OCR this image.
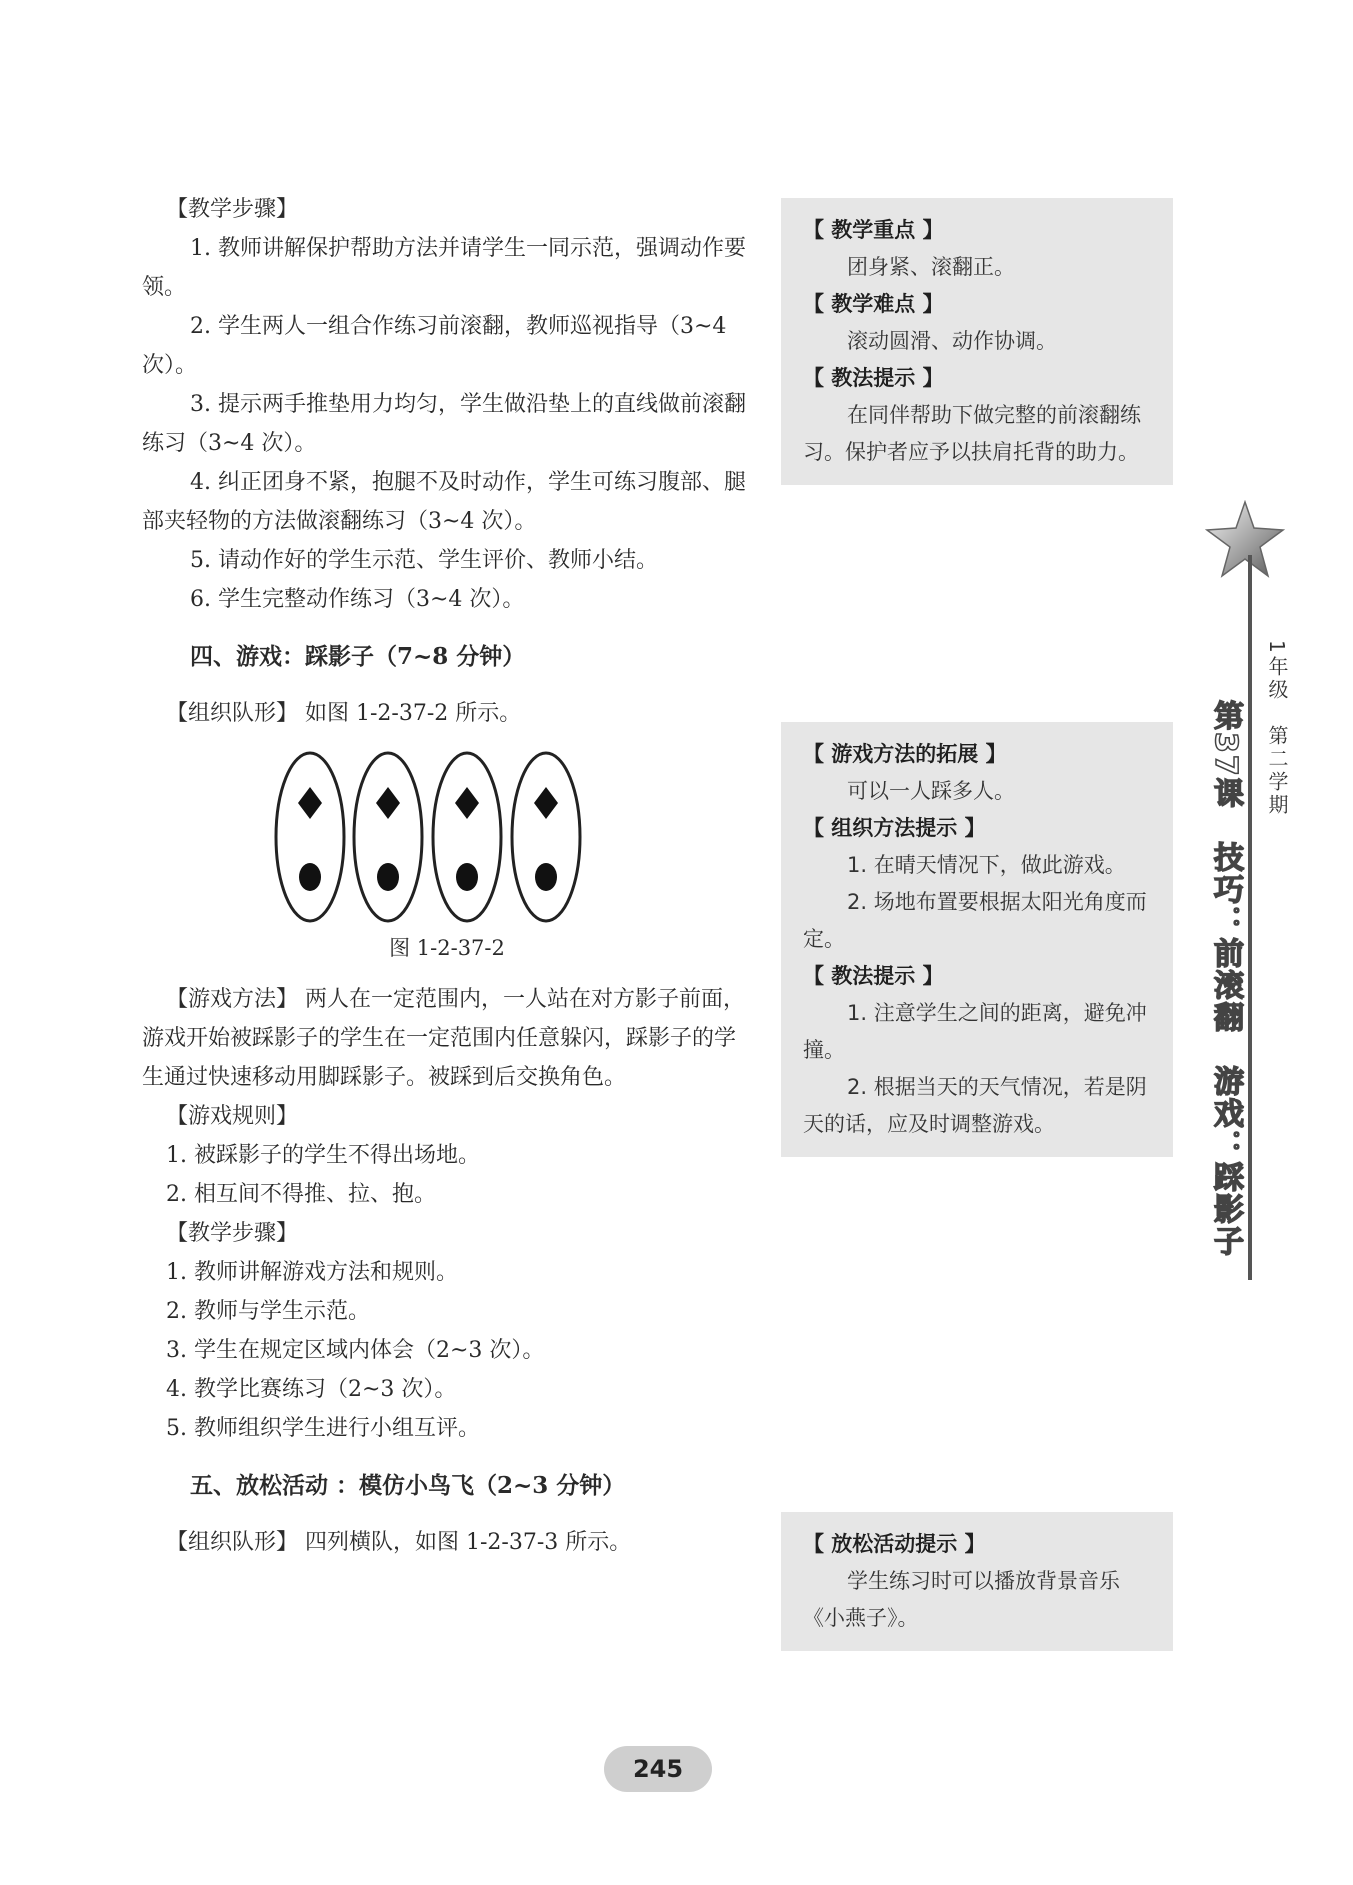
【教学步骤】

1. 教师讲解保护帮助方法并请学生一同示范，强调动作要领。

2. 学生两人一组合作练习前滚翻，教师巡视指导（3~4 次）。

3. 提示两手推垫用力均匀，学生做沿垫上的直线做前滚翻练习（3~4 次）。

4. 纠正团身不紧，抱腿不及时动作，学生可练习腹部、腿部夹轻物的方法做滚翻练习（3~4 次）。

5. 请动作好的学生示范、学生评价、教师小结。

6. 学生完整动作练习（3~4 次）。

四、游戏：踩影子（7~8 分钟）

【组织队形】 如图 1-2-37-2 所示。

图 1-2-37-2

【游戏方法】 两人在一定范围内，一人站在对方影子前面，游戏开始被踩影子的学生在一定范围内任意躲闪，踩影子的学生通过快速移动用脚踩影子。被踩到后交换角色。

【游戏规则】

1. 被踩影子的学生不得出场地。

2. 相互间不得推、拉、抱。

【教学步骤】

1. 教师讲解游戏方法和规则。

2. 教师与学生示范。

3. 学生在规定区域内体会（2~3 次）。

4. 教学比赛练习（2~3 次）。

5. 教师组织学生进行小组互评。

五、放松活动 ：模仿小鸟飞（2~3 分钟）

【组织队形】 四列横队，如图 1-2-37-3 所示。

【 教学重点 】

团身紧、滚翻正。

【 教学难点 】

滚动圆滑、动作协调。

【 教法提示 】

在同伴帮助下做完整的前滚翻练习。保护者应予以扶肩托背的助力。

【 游戏方法的拓展 】

可以一人踩多人。

【 组织方法提示 】

1. 在晴天情况下，做此游戏。

2. 场地布置要根据太阳光角度而定。

【 教法提示 】

1. 注意学生之间的距离，避免冲撞。

2. 根据当天的天气情况，若是阴天的话，应及时调整游戏。

【 放松活动提示 】

学生练习时可以播放背景音乐《小燕子》。

1年级　第二学期
第37课　技巧：前滚翻　游戏：踩影子
245
